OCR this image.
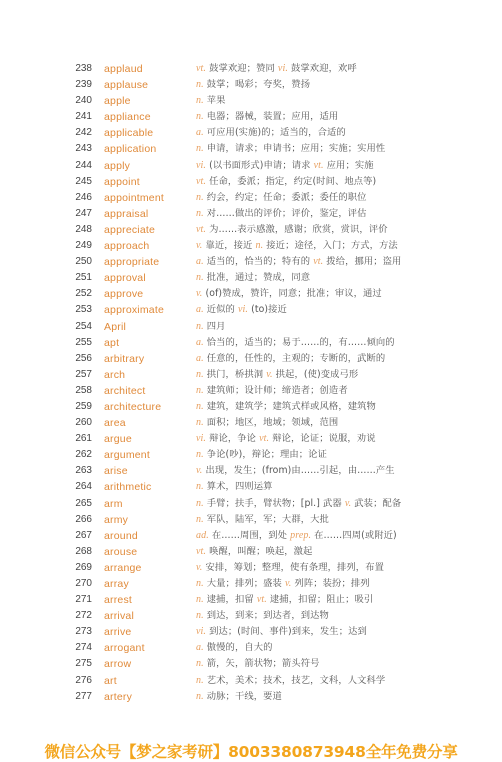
238 applaud	vt. 鼓掌欢迎；赞同 vi. 鼓掌欢迎，欢呼
239 applause	n. 鼓掌；喝彩；夸奖，赞扬
240 apple	n. 苹果
241 appliance	n. 电器；器械，装置；应用，适用
242 applicable	a. 可应用(实施)的；适当的，合适的
243 application	n. 申请，请求；申请书；应用；实施；实用性
244 apply	vi. (以书面形式)申请；请求 vt. 应用；实施
245 appoint	vt. 任命，委派；指定，约定(时间、地点等)
246 appointment	n. 约会，约定；任命；委派；委任的职位
247 appraisal	n. 对……做出的评价；评价，鉴定，评估
248 appreciate	vt. 为……表示感激，感谢；欣赏，赏识，评价
249 approach	v. 靠近，接近 n. 接近；途径，入门；方式，方法
250 appropriate	a. 适当的，恰当的；特有的 vt. 拨给，挪用；盗用
251 approval	n. 批准，通过；赞成，同意
252 approve	v. (of)赞成，赞许，同意；批准；审议，通过
253 approximate	a. 近似的 vi. (to)接近
254 April	n. 四月
255 apt	a. 恰当的，适当的；易于……的，有……倾向的
256 arbitrary	a. 任意的，任性的，主观的；专断的，武断的
257 arch	n. 拱门，桥拱洞 v. 拱起，(使)变成弓形
258 architect	n. 建筑师；设计师；缔造者；创造者
259 architecture	n. 建筑，建筑学；建筑式样或风格，建筑物
260 area	n. 面积；地区，地域；领域，范围
261 argue	vi. 辩论，争论 vt. 辩论，论证；说服，劝说
262 argument	n. 争论(吵)，辩论；理由；论证
263 arise	v. 出现，发生；(from)由……引起，由……产生
264 arithmetic	n. 算术，四则运算
265 arm	n. 手臂；扶手，臂状物；[pl.] 武器 v. 武装；配备
266 army	n. 军队，陆军，军；大群，大批
267 around	ad. 在……周围，到处 prep. 在……四周(或附近)
268 arouse	vt. 唤醒，叫醒；唤起，激起
269 arrange	v. 安排，筹划；整理，使有条理，排列，布置
270 array	n. 大量；排列；盛装 v. 列阵；装扮；排列
271 arrest	n. 逮捕，扣留 vt. 逮捕，扣留；阻止；吸引
272 arrival	n. 到达，到来；到达者，到达物
273 arrive	vi. 到达；(时间、事件)到来，发生；达到
274 arrogant	a. 傲慢的，自大的
275 arrow	n. 箭，矢，箭状物；箭头符号
276 art	n. 艺术，美术；技术，技艺，文科，人文科学
277 artery	n. 动脉；干线，要道
微信公众号【梦之家考研】8003380873948全年免费分享
